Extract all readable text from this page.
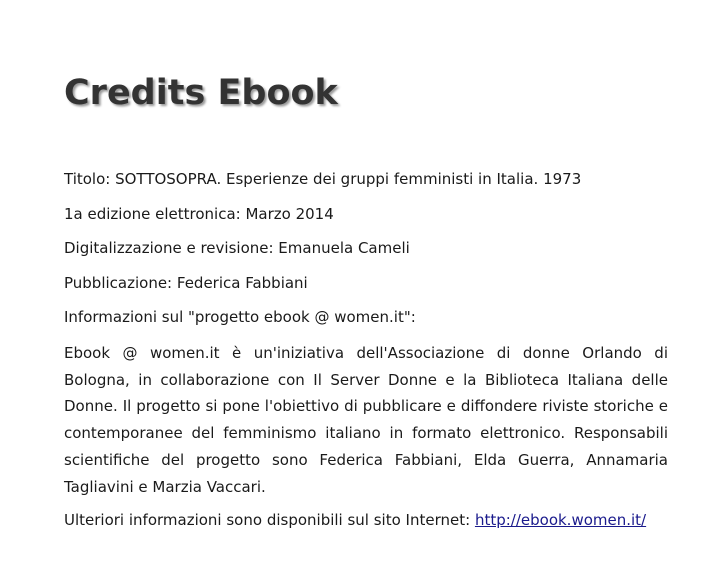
Credits Ebook

Titolo: SOTTOSOPRA. Esperienze dei gruppi femministi in Italia. 1973

1a edizione elettronica: Marzo 2014

Digitalizzazione e revisione: Emanuela Cameli

Pubblicazione: Federica Fabbiani

Informazioni sul "progetto ebook @ women.it":

Ebook @ women.it è un'iniziativa dell'Associazione di donne Orlando di Bologna, in collaborazione con Il Server Donne e la Biblioteca Italiana delle Donne. Il progetto si pone l'obiettivo di pubblicare e diffondere riviste storiche e contemporanee del femminismo italiano in formato elettronico. Responsabili scientifiche del progetto sono Federica Fabbiani, Elda Guerra, Annamaria Tagliavini e Marzia Vaccari.

Ulteriori informazioni sono disponibili sul sito Internet: http://ebook.women.it/
